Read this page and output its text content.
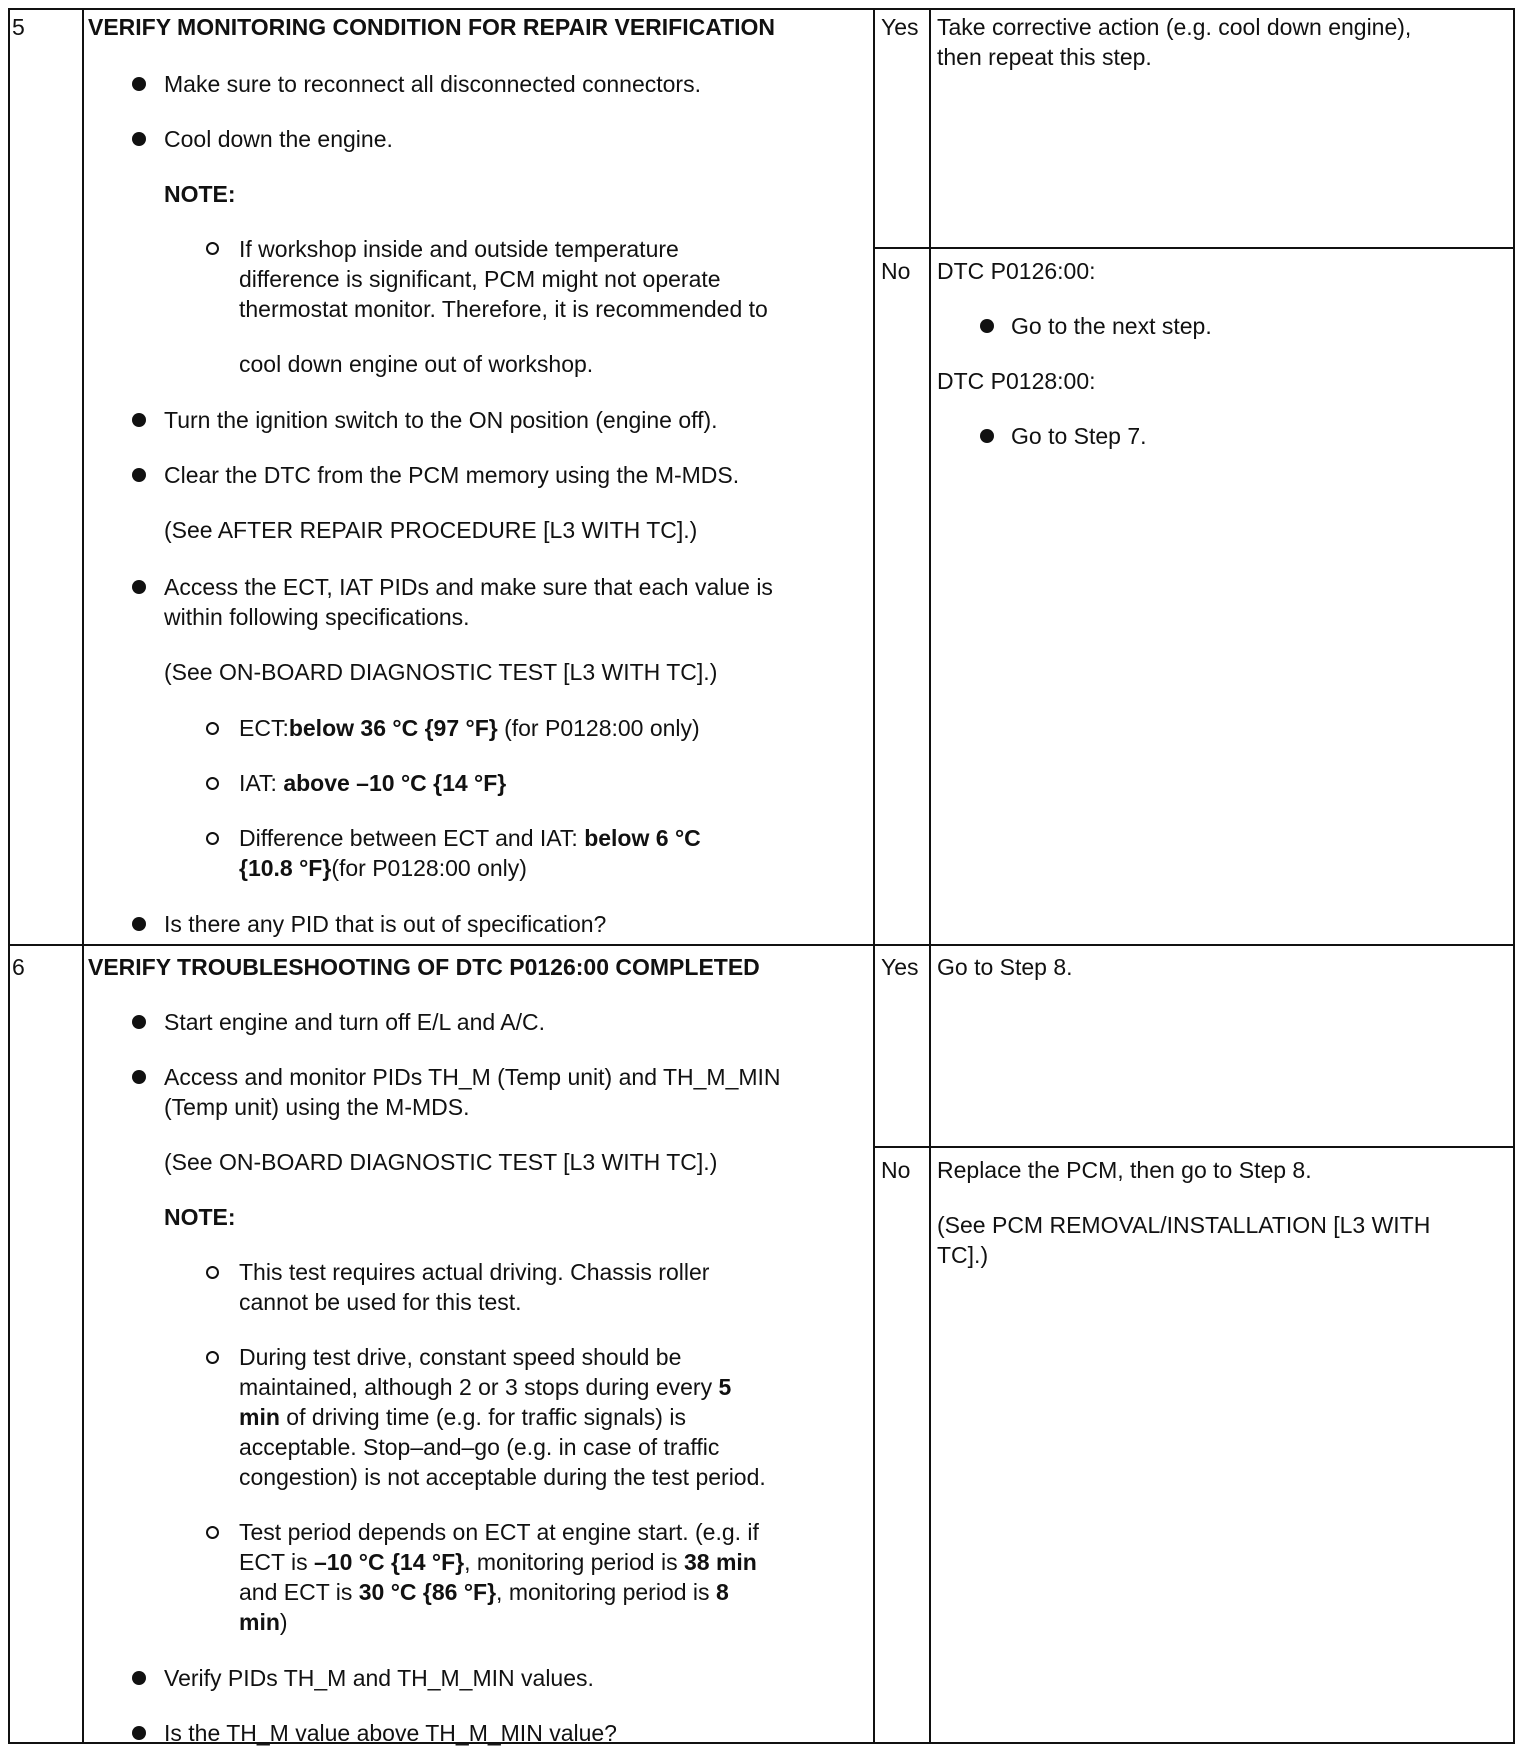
5	VERIFY MONITORING CONDITION FOR REPAIR VERIFICATION
Make sure to reconnect all disconnected connectors.
Cool down the engine.
NOTE:
If workshop inside and outside temperature
difference is significant, PCM might not operate
thermostat monitor. Therefore, it is recommended to
cool down engine out of workshop.
Turn the ignition switch to the ON position (engine off).
Clear the DTC from the PCM memory using the M-MDS.
(See AFTER REPAIR PROCEDURE [L3 WITH TC].)
Access the ECT, IAT PIDs and make sure that each value is
within following specifications.
(See ON-BOARD DIAGNOSTIC TEST [L3 WITH TC].)
ECT:below 36 °C {97 °F} (for P0128:00 only)
IAT: above –10 °C {14 °F}
Difference between ECT and IAT: below 6 °C
{10.8 °F}(for P0128:00 only)
Is there any PID that is out of specification?
Yes Take corrective action (e.g. cool down engine),
then repeat this step.
No DTC P0126:00:
Go to the next step.
DTC P0128:00:
Go to Step 7.
6	VERIFY TROUBLESHOOTING OF DTC P0126:00 COMPLETED
Start engine and turn off E/L and A/C.
Access and monitor PIDs TH_M (Temp unit) and TH_M_MIN
(Temp unit) using the M-MDS.
(See ON-BOARD DIAGNOSTIC TEST [L3 WITH TC].)
NOTE:
This test requires actual driving. Chassis roller
cannot be used for this test.
During test drive, constant speed should be
maintained, although 2 or 3 stops during every 5
min of driving time (e.g. for traffic signals) is
acceptable. Stop–and–go (e.g. in case of traffic
congestion) is not acceptable during the test period.
Test period depends on ECT at engine start. (e.g. if
ECT is –10 °C {14 °F}, monitoring period is 38 min
and ECT is 30 °C {86 °F}, monitoring period is 8
min)
Verify PIDs TH_M and TH_M_MIN values.
Is the TH_M value above TH_M_MIN value?
Yes Go to Step 8.
No Replace the PCM, then go to Step 8.
(See PCM REMOVAL/INSTALLATION [L3 WITH
TC].)
